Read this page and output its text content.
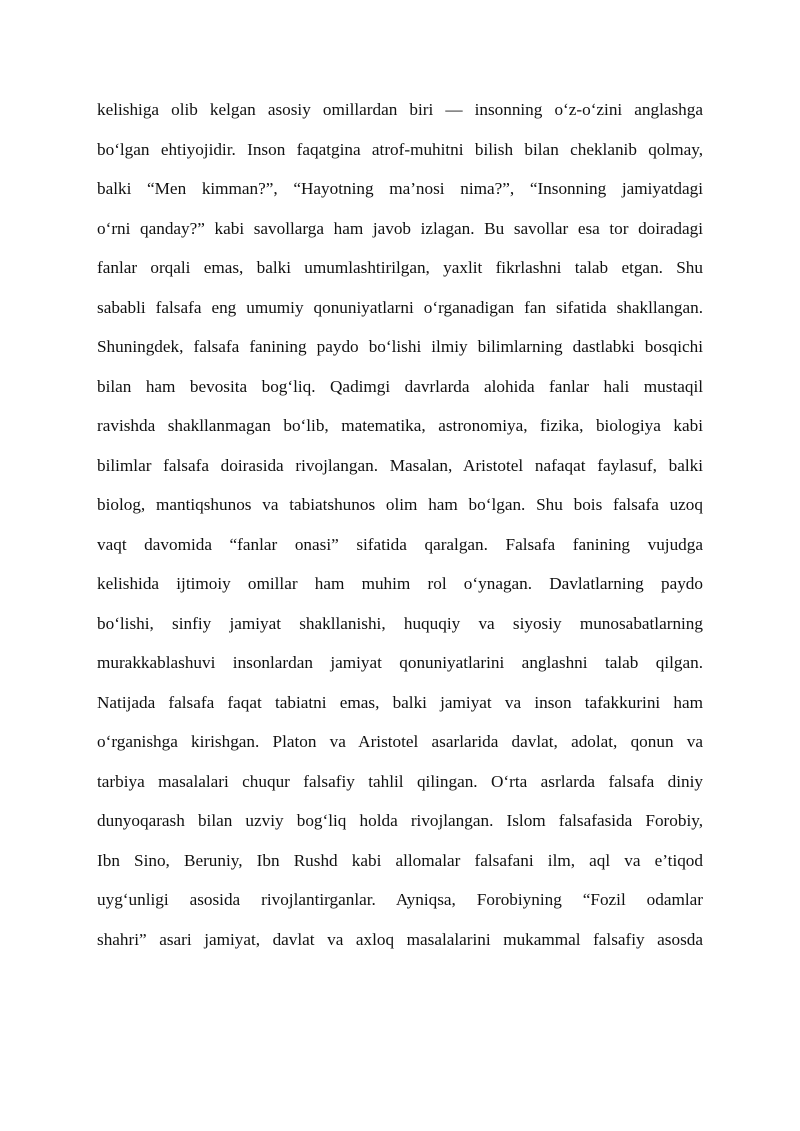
kelishiga olib kelgan asosiy omillardan biri — insonning o‘z-o‘zini anglashga
bo‘lgan ehtiyojidir. Inson faqatgina atrof-muhitni bilish bilan cheklanib qolmay,
balki “Men kimman?”, “Hayotning ma’nosi nima?”, “Insonning jamiyatdagi
o‘rni qanday?” kabi savollarga ham javob izlagan. Bu savollar esa tor doiradagi
fanlar orqali emas, balki umumlashtirilgan, yaxlit fikrlashni talab etgan. Shu
sababli falsafa eng umumiy qonuniyatlarni o‘rganadigan fan sifatida shakllangan.
Shuningdek, falsafa fanining paydo bo‘lishi ilmiy bilimlarning dastlabki bosqichi
bilan ham bevosita bog‘liq. Qadimgi davrlarda alohida fanlar hali mustaqil
ravishda shakllanmagan bo‘lib, matematika, astronomiya, fizika, biologiya kabi
bilimlar falsafa doirasida rivojlangan. Masalan, Aristotel nafaqat faylasuf, balki
biolog, mantiqshunos va tabiatshunos olim ham bo‘lgan. Shu bois falsafa uzoq
vaqt davomida “fanlar onasi” sifatida qaralgan. Falsafa fanining vujudga
kelishida ijtimoiy omillar ham muhim rol o‘ynagan. Davlatlarning paydo
bo‘lishi, sinfiy jamiyat shakllanishi, huquqiy va siyosiy munosabatlarning
murakkablashuvi insonlardan jamiyat qonuniyatlarini anglashni talab qilgan.
Natijada falsafa faqat tabiatni emas, balki jamiyat va inson tafakkurini ham
o‘rganishga kirishgan. Platon va Aristotel asarlarida davlat, adolat, qonun va
tarbiya masalalari chuqur falsafiy tahlil qilingan. O‘rta asrlarda falsafa diniy
dunyoqarash bilan uzviy bog‘liq holda rivojlangan. Islom falsafasida Forobiy,
Ibn Sino, Beruniy, Ibn Rushd kabi allomalar falsafani ilm, aql va e’tiqod
uyg‘unligi asosida rivojlantirganlar. Ayniqsa, Forobiyning “Fozil odamlar
shahri” asari jamiyat, davlat va axloq masalalarini mukammal falsafiy asosda
